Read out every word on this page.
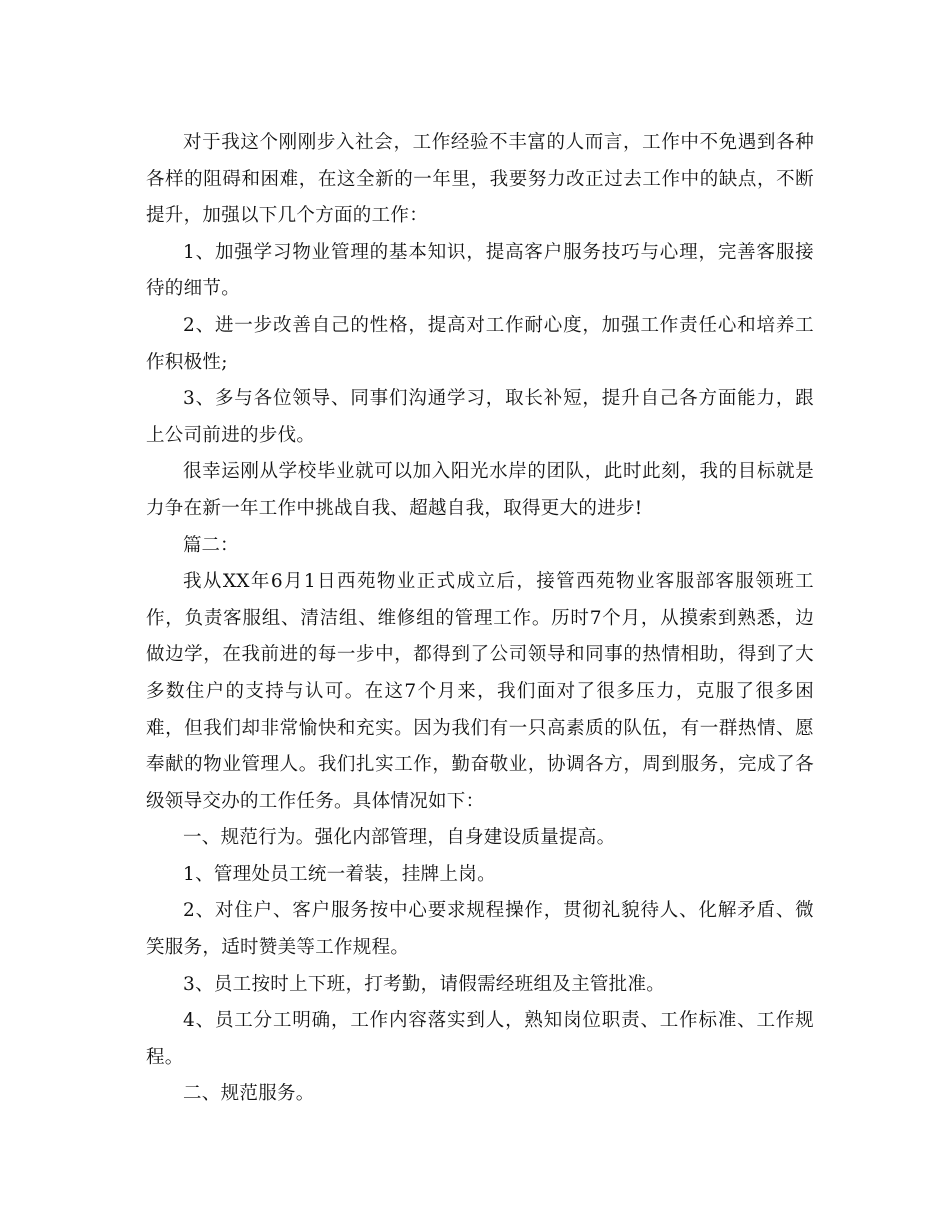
对于我这个刚刚步入社会，工作经验不丰富的人而言，工作中不免遇到各种各样的阻碍和困难，在这全新的一年里，我要努力改正过去工作中的缺点，不断提升，加强以下几个方面的工作：

1、加强学习物业管理的基本知识，提高客户服务技巧与心理，完善客服接待的细节。

2、进一步改善自己的性格，提高对工作耐心度，加强工作责任心和培养工作积极性;

3、多与各位领导、同事们沟通学习，取长补短，提升自己各方面能力，跟上公司前进的步伐。

很幸运刚从学校毕业就可以加入阳光水岸的团队，此时此刻，我的目标就是力争在新一年工作中挑战自我、超越自我，取得更大的进步!

篇二：

我从XX年6月1日西苑物业正式成立后，接管西苑物业客服部客服领班工作，负责客服组、清洁组、维修组的管理工作。历时7个月，从摸索到熟悉，边做边学，在我前进的每一步中，都得到了公司领导和同事的热情相助，得到了大多数住户的支持与认可。在这7个月来，我们面对了很多压力，克服了很多困难，但我们却非常愉快和充实。因为我们有一只高素质的队伍，有一群热情、愿奉献的物业管理人。我们扎实工作，勤奋敬业，协调各方，周到服务，完成了各级领导交办的工作任务。具体情况如下：

一、规范行为。强化内部管理，自身建设质量提高。

1、管理处员工统一着装，挂牌上岗。

2、对住户、客户服务按中心要求规程操作，贯彻礼貌待人、化解矛盾、微笑服务，适时赞美等工作规程。

3、员工按时上下班，打考勤，请假需经班组及主管批准。

4、员工分工明确，工作内容落实到人，熟知岗位职责、工作标准、工作规程。

二、规范服务。
